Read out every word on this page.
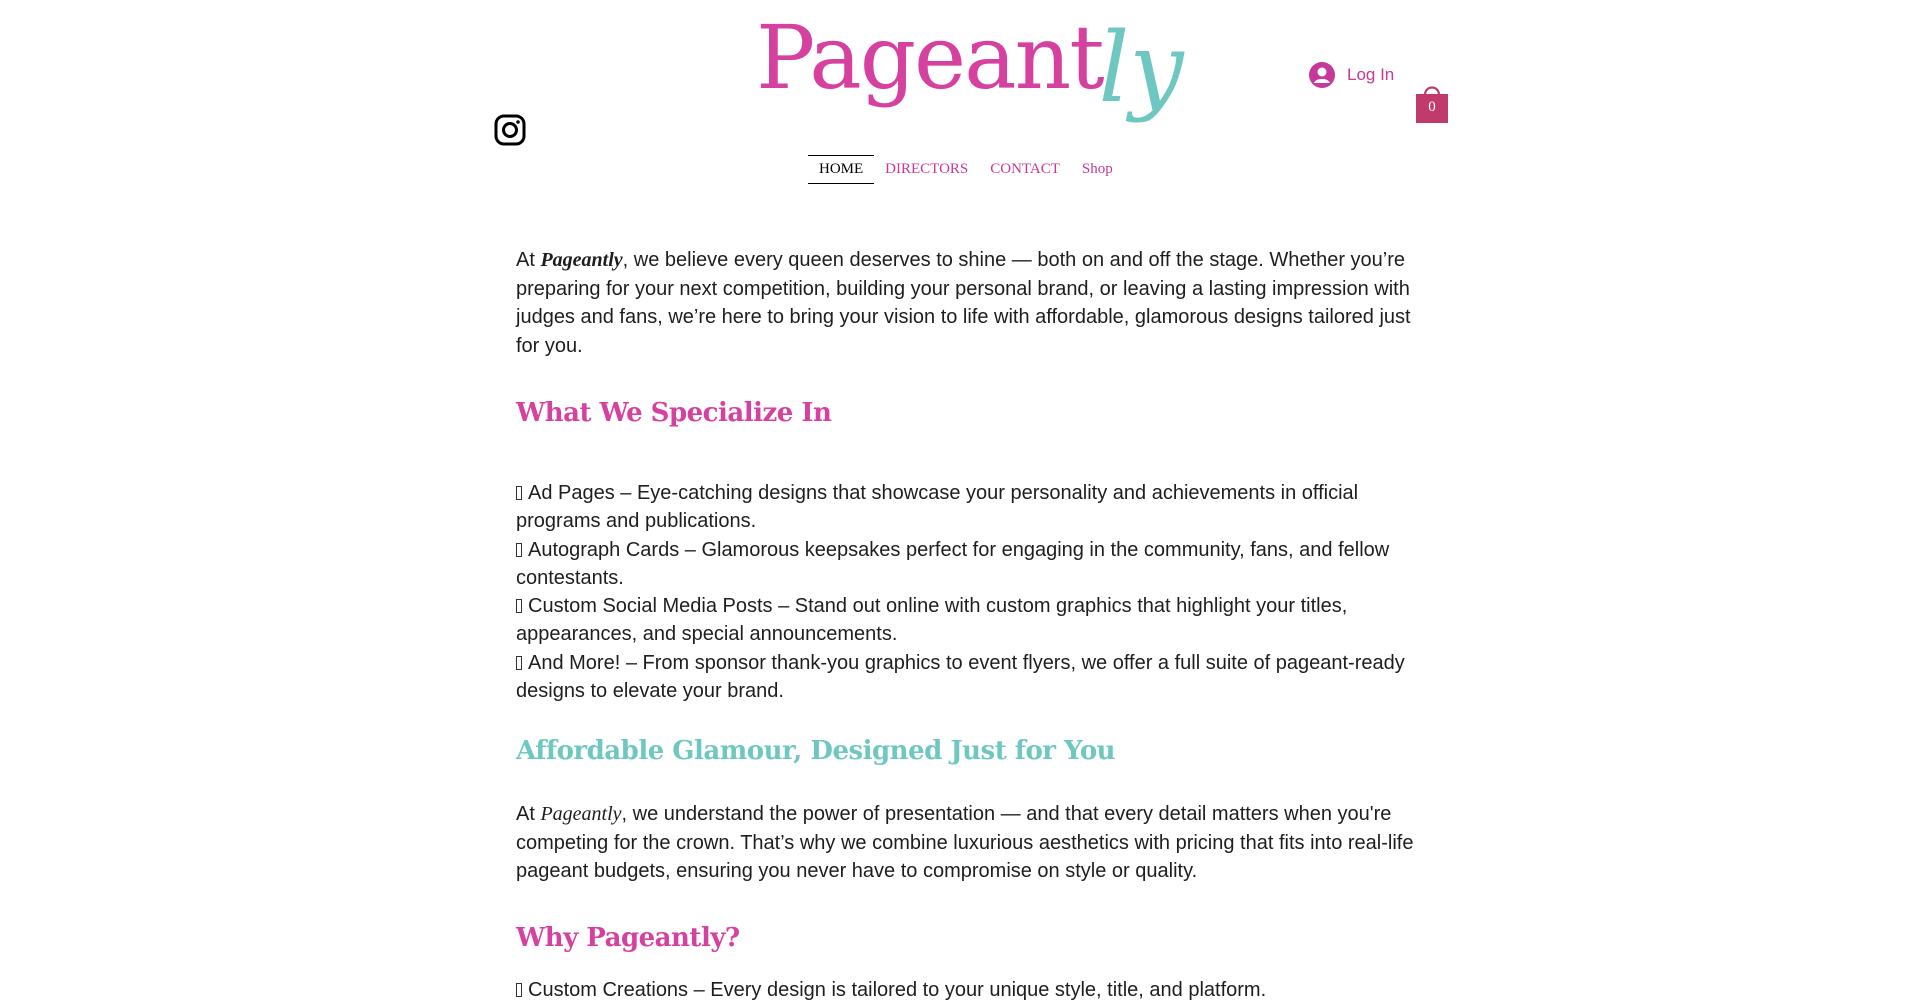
Pageantly	Log In
0
HOME	DIRECTORS	CONTACT	Shop

At Pageantly, we believe every queen deserves to shine — both on and off the stage. Whether you’re preparing for your next competition, building your personal brand, or leaving a lasting impression with judges and fans, we’re here to bring your vision to life with affordable, glamorous designs tailored just for you.

What We Specialize In
Ad Pages – Eye-catching designs that showcase your personality and achievements in official programs and publications.
Autograph Cards – Glamorous keepsakes perfect for engaging in the community, fans, and fellow contestants.
Custom Social Media Posts – Stand out online with custom graphics that highlight your titles, appearances, and special announcements.
And More! – From sponsor thank-you graphics to event flyers, we offer a full suite of pageant-ready designs to elevate your brand.
Affordable Glamour, Designed Just for You

At Pageantly, we understand the power of presentation — and that every detail matters when you're competing for the crown. That’s why we combine luxurious aesthetics with pricing that fits into real-life pageant budgets, ensuring you never have to compromise on style or quality.

Why Pageantly?

Custom Creations – Every design is tailored to your unique style, title, and platform.
